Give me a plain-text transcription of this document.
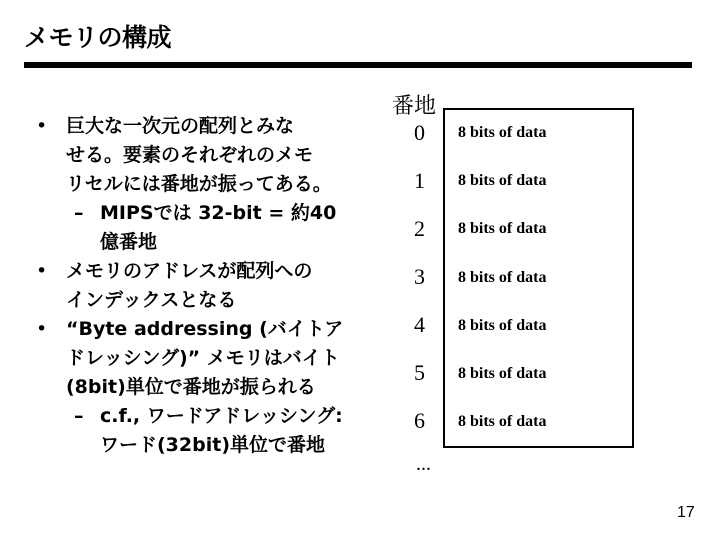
メモリの構成
• 巨大な一次元の配列とみな
せる。要素のそれぞれのメモ
リセルには番地が振ってある。
– MIPSでは 32-bit = 約40
億番地
• メモリのアドレスが配列への
インデックスとなる
• “Byte addressing (バイトア
ドレッシング)” メモリはバイト
(8bit)単位で番地が振られる
– c.f., ワードアドレッシング:
ワード(32bit)単位で番地
番地
0
1
2
3
4
5
6
8 bits of data
8 bits of data
8 bits of data
8 bits of data
8 bits of data
8 bits of data
8 bits of data
...
17
